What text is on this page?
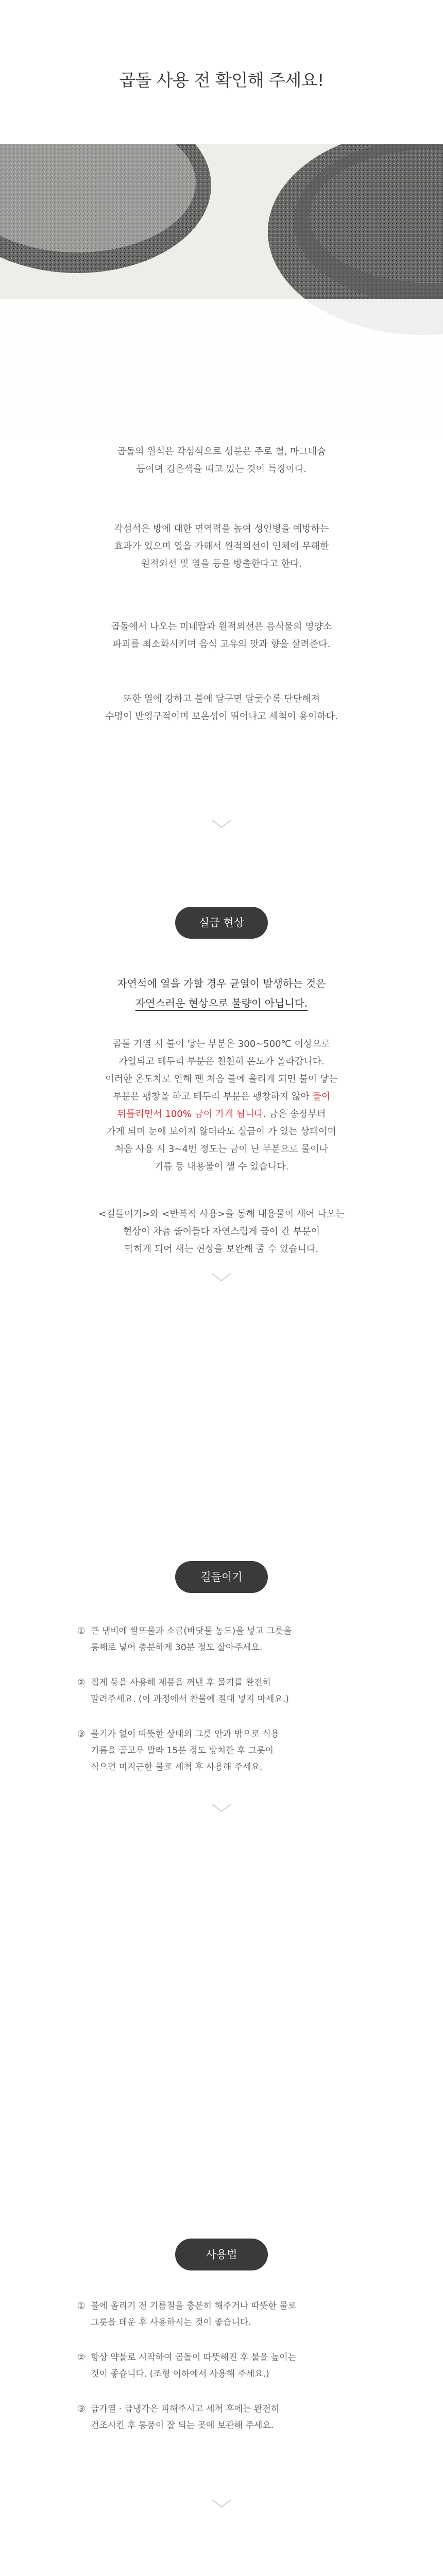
곱돌 사용 전 확인해 주세요!
곱돌의 원석은 각섬석으로 성분은 주로 철, 마그네슘
등이며 검은색을 띠고 있는 것이 특징이다.
각섬석은 방에 대한 면역력을 높여 성인병을 예방하는
효과가 있으며 열을 가해서 원적외선이 인체에 무해한
원적외선 및 열을 등을 방출한다고 한다.
곱돌에서 나오는 미네랄과 원적외선은 음식물의 영양소
파괴를 최소화시키며 음식 고유의 맛과 향을 살려준다.
또한 열에 강하고 불에 달구면 달궃수록 단단해져
수명이 반영구적이며 보온성이 뛰어나고 세척이 용이하다.
실금 현상
자연석에 열을 가할 경우 균열이 발생하는 것은
자연스러운 현상으로 불량이 아닙니다.
곱돌 가열 시 불이 닿는 부분은 300~500℃ 이상으로
가열되고 테두리 부분은 천천히 온도가 올라갑니다.
이러한 온도차로 인해 팬 처음 불에 올리게 되면 불이 닿는
부분은 팽창을 하고 테두리 부분은 팽창하지 않아 들이
뒤틀리면서 100% 금이 가게 됩니다. 금은 송장부터
가게 되며 눈에 보이지 않더라도 실금이 가 있는 상태이며
처음 사용 시 3~4번 정도는 금이 난 부분으로 물이나
기름 등 내용물이 샐 수 있습니다.
<길들이기>와 <반복적 사용>을 통해 내용물이 새어 나오는
현상이 차츰 줄어들다 자연스럽게 금이 간 부분이
막히게 되어 새는 현상을 보완해 줄 수 있습니다.
길들이기
① 큰 냄비에 쌀뜨물과 소금(바닷물 농도)을 넣고 그릇을
통째로 넣어 충분하게 30분 정도 삶아주세요.
② 집게 등을 사용해 제품을 꺼낸 후 물기를 완전히
말려주세요. (이 과정에서 찬물에 절대 넣지 마세요.)
③ 물기가 없이 따뜻한 상태의 그릇 안과 밖으로 식용
기름을 골고루 발라 15분 정도 방치한 후 그릇이
식으면 미지근한 물로 세척 후 사용해 주세요.
사용법
① 불에 올리기 전 기름칠을 충분히 해주거나 따뜻한 물로
그릇을 데운 후 사용하시는 것이 좋습니다.
② 항상 약불로 시작하여 곱돌이 따뜻해진 후 불을 높이는
것이 좋습니다. (조형 이하에서 사용해 주세요.)
③ 급가열 · 급냉각은 피해주시고 세척 후에는 완전히
건조시킨 후 통풍이 잘 되는 곳에 보관해 주세요.
